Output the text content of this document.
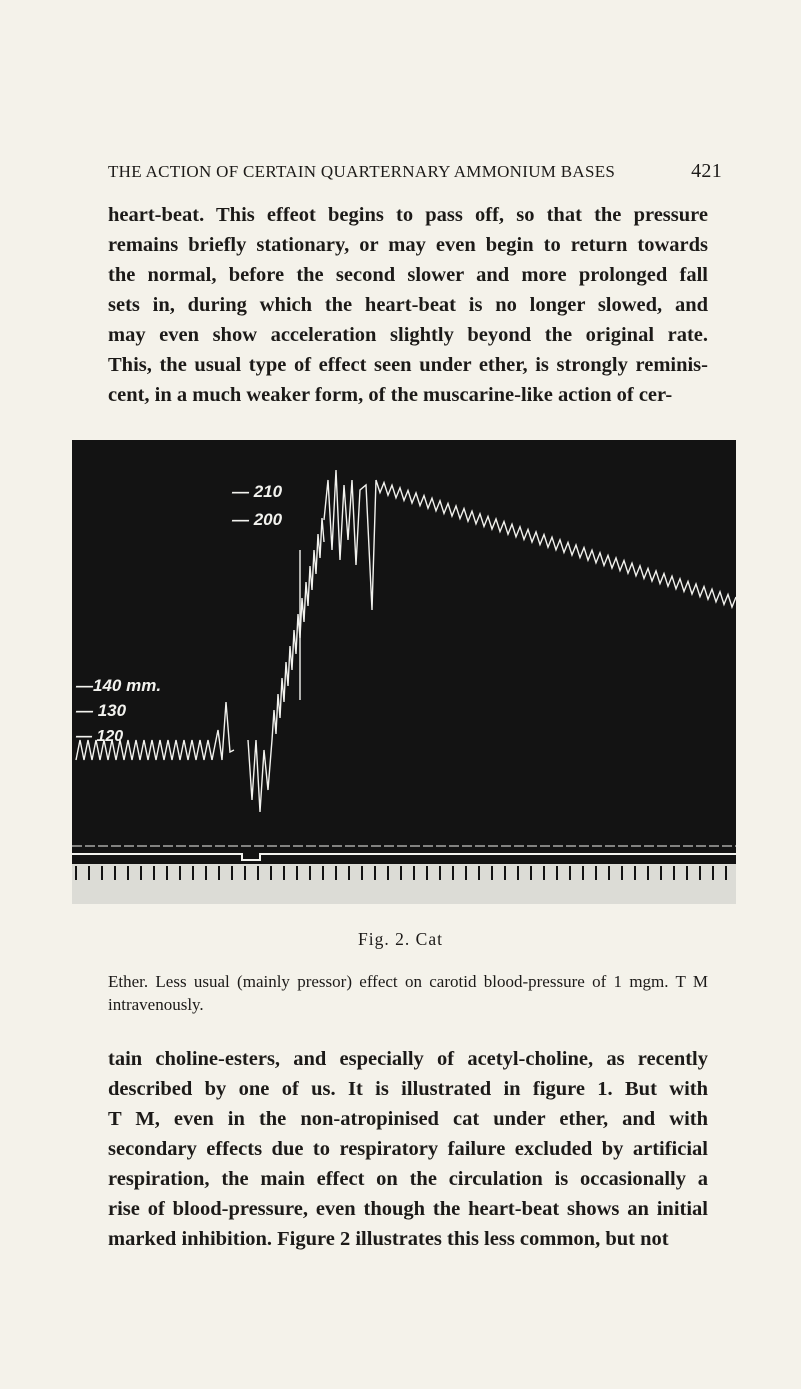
THE ACTION OF CERTAIN QUARTERNARY AMMONIUM BASES	421
heart-beat. This effeot begins to pass off, so that the pressure
remains briefly stationary, or may even begin to return towards
the normal, before the second slower and more prolonged fall
sets in, during which the heart-beat is no longer slowed, and
may even show acceleration slightly beyond the original rate.
This, the usual type of effect seen under ether, is strongly reminis-
cent, in a much weaker form, of the muscarine-like action of cer-
— 210
— 200
—140 mm.
— 130
— 120
Fig. 2. Cat
Ether. Less usual (mainly pressor) effect on carotid blood-pressure of 1 mgm. T M intravenously.
tain choline-esters, and especially of acetyl-choline, as recently
described by one of us. It is illustrated in figure 1. But with
T M, even in the non-atropinised cat under ether, and with
secondary effects due to respiratory failure excluded by artificial
respiration, the main effect on the circulation is occasionally a
rise of blood-pressure, even though the heart-beat shows an initial
marked inhibition. Figure 2 illustrates this less common, but not
